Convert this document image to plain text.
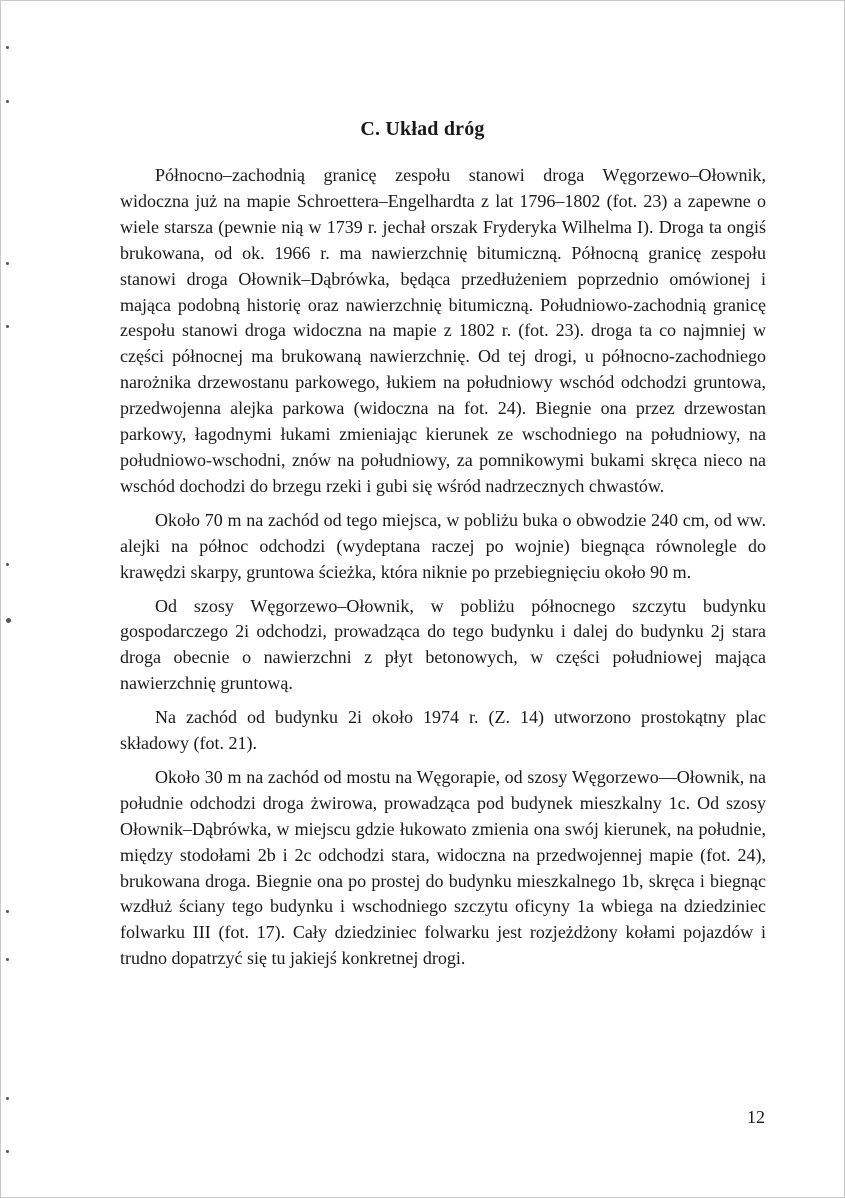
C. Układ dróg

Północno–zachodnią granicę zespołu stanowi droga Węgorzewo–Ołownik, widoczna już na mapie Schroettera–Engelhardta z lat 1796–1802 (fot. 23) a zapewne o wiele starsza (pewnie nią w 1739 r. jechał orszak Fryderyka Wilhelma I). Droga ta ongiś brukowana, od ok. 1966 r. ma nawierzchnię bitumiczną. Północną granicę zespołu stanowi droga Ołownik–Dąbrówka, będąca przedłużeniem poprzednio omówionej i mająca podobną historię oraz nawierzchnię bitumiczną. Południowo-zachodnią granicę zespołu stanowi droga widoczna na mapie z 1802 r. (fot. 23). droga ta co najmniej w części północnej ma brukowaną nawierzchnię. Od tej drogi, u północno-zachodniego narożnika drzewostanu parkowego, łukiem na południowy wschód odchodzi gruntowa, przedwojenna alejka parkowa (widoczna na fot. 24). Biegnie ona przez drzewostan parkowy, łagodnymi łukami zmieniając kierunek ze wschodniego na południowy, na południowo-wschodni, znów na południowy, za pomnikowymi bukami skręca nieco na wschód dochodzi do brzegu rzeki i gubi się wśród nadrzecznych chwastów.

Około 70 m na zachód od tego miejsca, w pobliżu buka o obwodzie 240 cm, od ww. alejki na północ odchodzi (wydeptana raczej po wojnie) biegnąca równolegle do krawędzi skarpy, gruntowa ścieżka, która niknie po przebiegnięciu około 90 m.

Od szosy Węgorzewo–Ołownik, w pobliżu północnego szczytu budynku gospodarczego 2i odchodzi, prowadząca do tego budynku i dalej do budynku 2j stara droga obecnie o nawierzchni z płyt betonowych, w części południowej mająca nawierzchnię gruntową.

Na zachód od budynku 2i około 1974 r. (Z. 14) utworzono prostokątny plac składowy (fot. 21).

Około 30 m na zachód od mostu na Węgorapie, od szosy Węgorzewo––Ołownik, na południe odchodzi droga żwirowa, prowadząca pod budynek mieszkalny 1c. Od szosy Ołownik–Dąbrówka, w miejscu gdzie łukowato zmienia ona swój kierunek, na południe, między stodołami 2b i 2c odchodzi stara, widoczna na przedwojennej mapie (fot. 24), brukowana droga. Biegnie ona po prostej do budynku mieszkalnego 1b, skręca i biegnąc wzdłuż ściany tego budynku i wschodniego szczytu oficyny 1a wbiega na dziedziniec folwarku III (fot. 17). Cały dziedziniec folwarku jest rozjeżdżony kołami pojazdów i trudno dopatrzyć się tu jakiejś konkretnej drogi.

12
